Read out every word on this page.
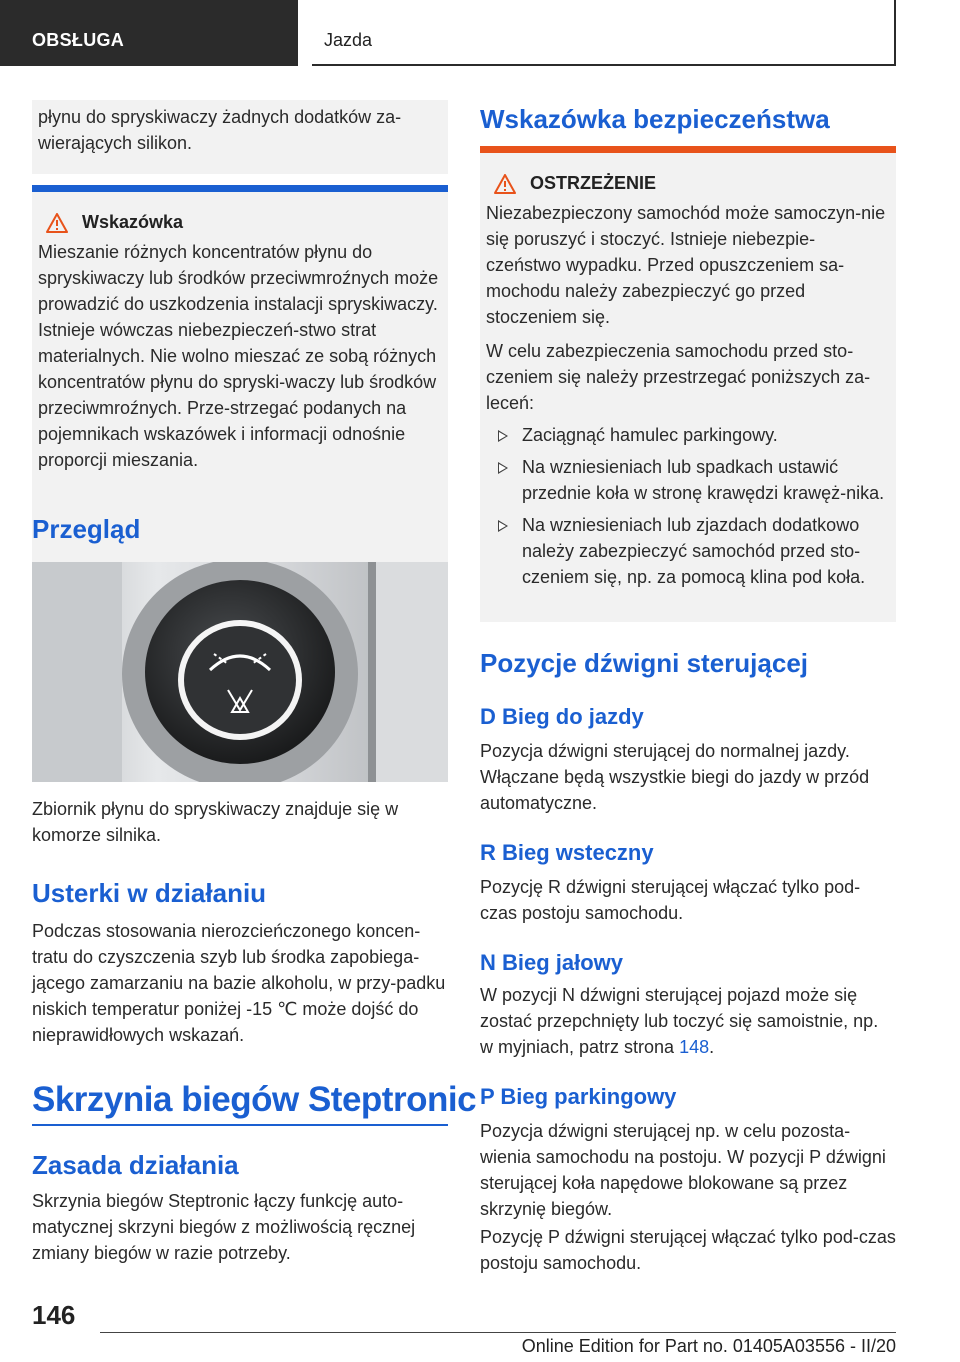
OBSŁUGA	Jazda

płynu do spryskiwaczy żadnych dodatków za-wierających silikon.

Wskazówka

Mieszanie różnych koncentratów płynu do spryskiwaczy lub środków przeciwmroźnych może prowadzić do uszkodzenia instalacji spryskiwaczy. Istnieje wówczas niebezpieczeń-stwo strat materialnych. Nie wolno mieszać ze sobą różnych koncentratów płynu do spryski-waczy lub środków przeciwmroźnych. Prze-strzegać podanych na pojemnikach wskazówek i informacji odnośnie proporcji mieszania.

Przegląd

Zbiornik płynu do spryskiwaczy znajduje się w komorze silnika.

Usterki w działaniu

Podczas stosowania nierozcieńczonego koncen-tratu do czyszczenia szyb lub środka zapobiega-jącego zamarzaniu na bazie alkoholu, w przy-padku niskich temperatur poniżej -15 ℃ może dojść do nieprawidłowych wskazań.

Skrzynia biegów Steptronic
Zasada działania

Skrzynia biegów Steptronic łączy funkcję auto-matycznej skrzyni biegów z możliwością ręcznej zmiany biegów w razie potrzeby.

Wskazówka bezpieczeństwa
OSTRZEŻENIE

Niezabezpieczony samochód może samoczyn-nie się poruszyć i stoczyć. Istnieje niebezpie-czeństwo wypadku. Przed opuszczeniem sa-mochodu należy zabezpieczyć go przed stoczeniem się.

W celu zabezpieczenia samochodu przed sto-czeniem się należy przestrzegać poniższych za-leceń:

Zaciągnąć hamulec parkingowy.
Na wzniesieniach lub spadkach ustawić przednie koła w stronę krawędzi krawęż-nika.
Na wzniesieniach lub zjazdach dodatkowo należy zabezpieczyć samochód przed sto-czeniem się, np. za pomocą klina pod koła.
Pozycje dźwigni sterującej
D Bieg do jazdy

Pozycja dźwigni sterującej do normalnej jazdy. Włączane będą wszystkie biegi do jazdy w przód automatyczne.

R Bieg wsteczny

Pozycję R dźwigni sterującej włączać tylko pod-czas postoju samochodu.

N Bieg jałowy

W pozycji N dźwigni sterującej pojazd może się zostać przepchnięty lub toczyć się samoistnie, np. w myjniach, patrz strona 148.

P Bieg parkingowy

Pozycja dźwigni sterującej np. w celu pozosta-wienia samochodu na postoju. W pozycji P dźwigni sterującej koła napędowe blokowane są przez skrzynię biegów.

Pozycję P dźwigni sterującej włączać tylko pod-czas postoju samochodu.

146
Online Edition for Part no. 01405A03556 - II/20
